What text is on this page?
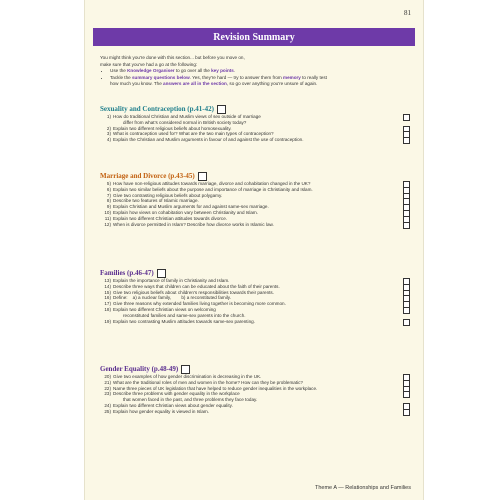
81
Revision Summary

You might think you're done with this section... but before you move on,

make sure that you've had a go at the following:

• Use the Knowledge Organiser to go over all the key points.
• Tackle the summary questions below. Yes, they're hard — try to answer them from memory to really test
how much you know. The answers are all in the section, so go over anything you're unsure of again.
Sexuality and Contraception (p.41-42)
1) How do traditional Christian and Muslim views of sex outside of marriage
differ from what's considered normal in British society today?
2) Explain two different religious beliefs about homosexuality.
3) What is contraception used for? What are the two main types of contraception?
4) Explain the Christian and Muslim arguments in favour of and against the use of contraception.
Marriage and Divorce (p.43-45)
5) How have non-religious attitudes towards marriage, divorce and cohabitation changed in the UK?
6) Explain two similar beliefs about the purpose and importance of marriage in Christianity and Islam.
7) Give two contrasting religious beliefs about polygamy.
8) Describe two features of Islamic marriage.
9) Explain Christian and Muslim arguments for and against same-sex marriage.
10) Explain how views on cohabitation vary between Christianity and Islam.
11) Explain two different Christian attitudes towards divorce.
12) When is divorce permitted in Islam? Describe how divorce works in Islamic law.
Families (p.46-47)
13) Explain the importance of family in Christianity and Islam.
14) Describe three ways that children can be educated about the faith of their parents.
15) Give two religious beliefs about children's responsibilities towards their parents.
16) Define:    a) a nuclear family,        b) a reconstituted family.
17) Give three reasons why extended families living together is becoming more common.
18) Explain two different Christian views on welcoming
reconstituted families and same-sex parents into the church.
19) Explain two contrasting Muslim attitudes towards same-sex parenting.
Gender Equality (p.48-49)
20) Give two examples of how gender discrimination is decreasing in the UK.
21) What are the traditional roles of men and women in the home? How can they be problematic?
22) Name three pieces of UK legislation that have helped to reduce gender inequalities in the workplace.
23) Describe three problems with gender equality in the workplace
that women faced in the past, and three problems they face today.
24) Explain two different Christian views about gender equality.
25) Explain how gender equality is viewed in Islam.
Theme A — Relationships and Families
